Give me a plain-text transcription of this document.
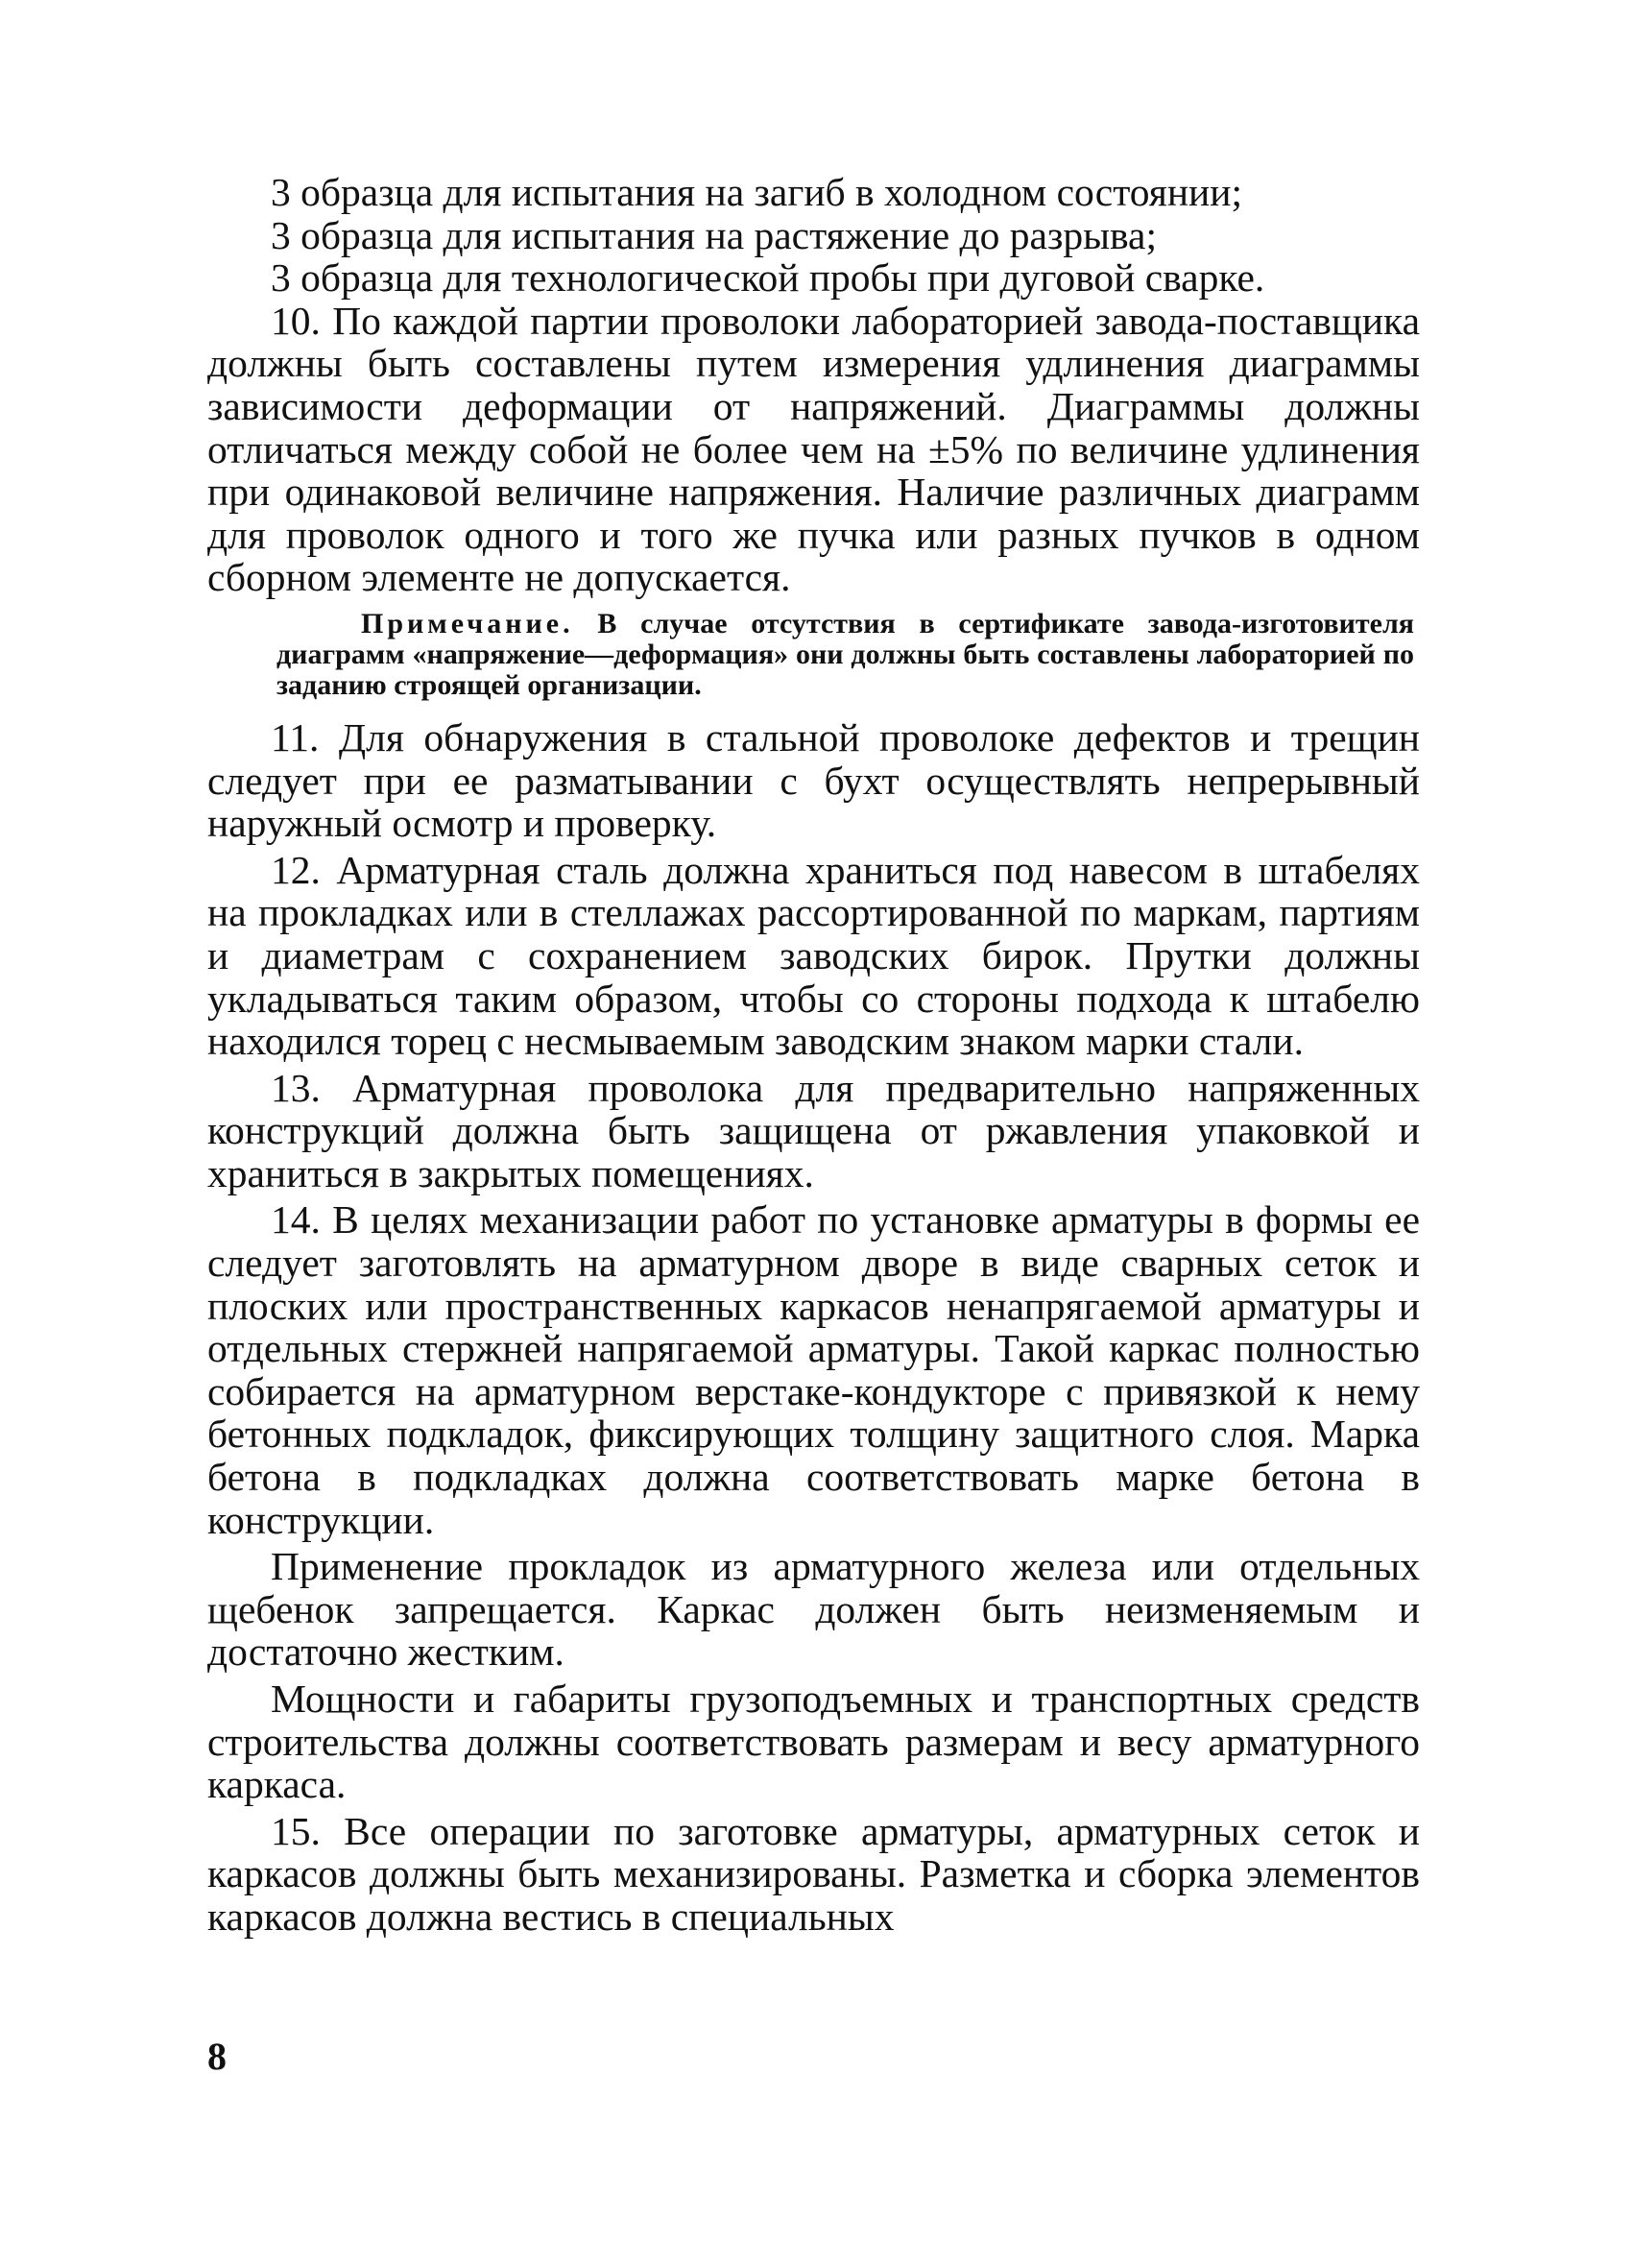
3 образца для испытания на загиб в холодном состоянии;

3 образца для испытания на растяжение до разрыва;

3 образца для технологической пробы при дуговой сварке.

10. По каждой партии проволоки лабораторией завода-поставщика должны быть составлены путем измерения удлинения диаграммы зависимости деформации от напряжений. Диаграммы должны отличаться между собой не более чем на ±5% по величине удлинения при одинаковой величине напряжения. Наличие различных диаграмм для проволок одного и того же пучка или разных пучков в одном сборном элементе не допускается.

Примечание. В случае отсутствия в сертификате завода-изготовителя диаграмм «напряжение—деформация» они должны быть составлены лабораторией по заданию строящей организации.

11. Для обнаружения в стальной проволоке дефектов и трещин следует при ее разматывании с бухт осуществлять непрерывный наружный осмотр и проверку.

12. Арматурная сталь должна храниться под навесом в штабелях на прокладках или в стеллажах рассортированной по маркам, партиям и диаметрам с сохранением заводских бирок. Прутки должны укладываться таким образом, чтобы со стороны подхода к штабелю находился торец с несмываемым заводским знаком марки стали.

13. Арматурная проволока для предварительно напряженных конструкций должна быть защищена от ржавления упаковкой и храниться в закрытых помещениях.

14. В целях механизации работ по установке арматуры в формы ее следует заготовлять на арматурном дворе в виде сварных сеток и плоских или пространственных каркасов ненапрягаемой арматуры и отдельных стержней напрягаемой арматуры. Такой каркас полностью собирается на арматурном верстаке-кондукторе с привязкой к нему бетонных подкладок, фиксирующих толщину защитного слоя. Марка бетона в подкладках должна соответствовать марке бетона в конструкции.

Применение прокладок из арматурного железа или отдельных щебенок запрещается. Каркас должен быть неизменяемым и достаточно жестким.

Мощности и габариты грузоподъемных и транспортных средств строительства должны соответствовать размерам и весу арматурного каркаса.

15. Все операции по заготовке арматуры, арматурных сеток и каркасов должны быть механизированы. Разметка и сборка элементов каркасов должна вестись в специальных

8
